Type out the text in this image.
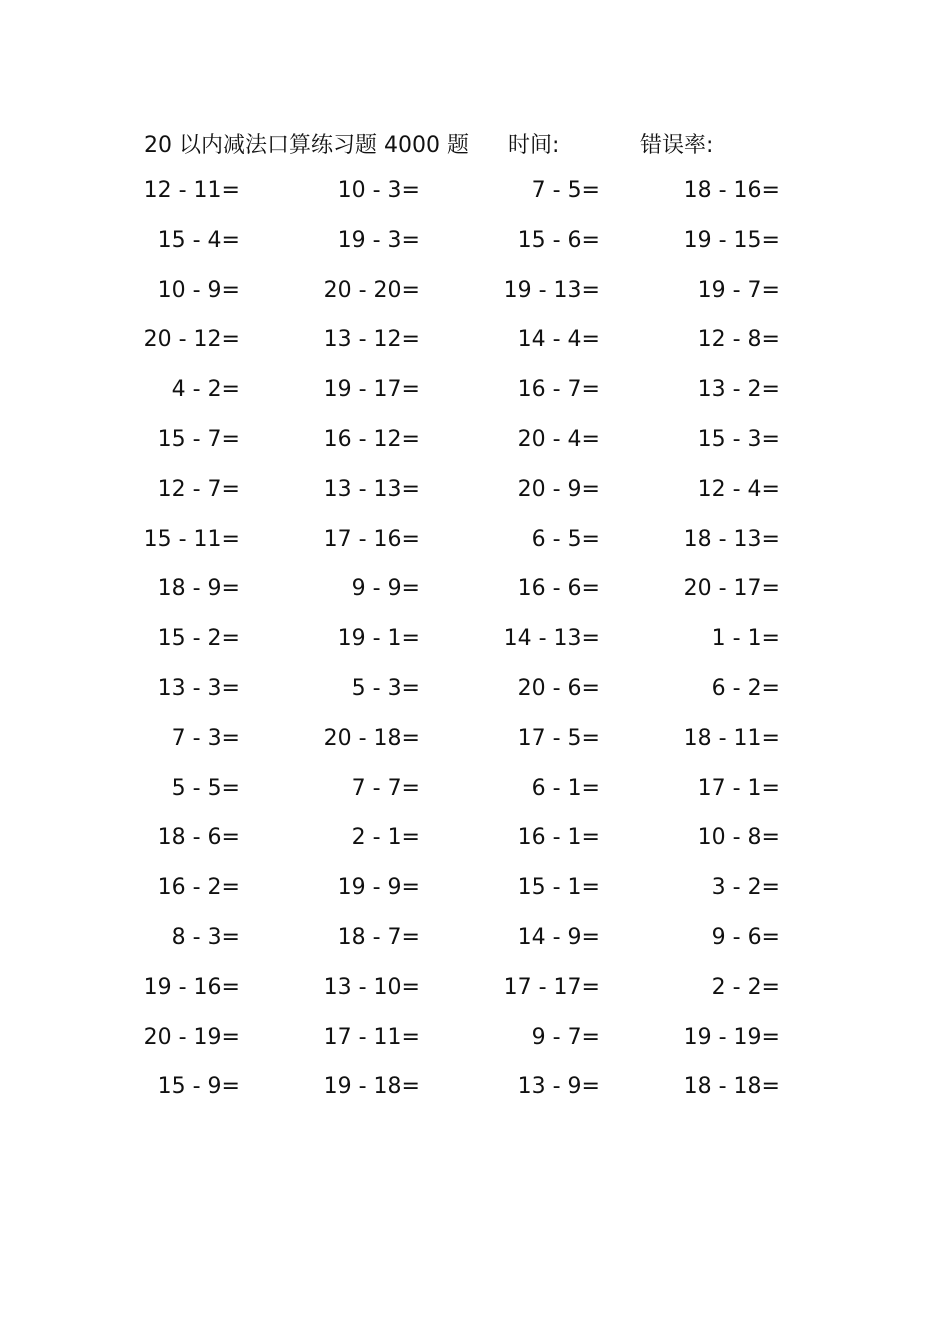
20 以内减法口算练习题 4000 题 时间:	错误率:
12 - 11=	10 - 3=	7 - 5=	18 - 16=
15 - 4=	19 - 3=	15 - 6=	19 - 15=
10 - 9=	20 - 20=	19 - 13=	19 - 7=
20 - 12=	13 - 12=	14 - 4=	12 - 8=
4 - 2=	19 - 17=	16 - 7=	13 - 2=
15 - 7=	16 - 12=	20 - 4=	15 - 3=
12 - 7=	13 - 13=	20 - 9=	12 - 4=
15 - 11=	17 - 16=	6 - 5=	18 - 13=
18 - 9=	9 - 9=	16 - 6=	20 - 17=
15 - 2=	19 - 1=	14 - 13=	1 - 1=
13 - 3=	5 - 3=	20 - 6=	6 - 2=
7 - 3=	20 - 18=	17 - 5=	18 - 11=
5 - 5=	7 - 7=	6 - 1=	17 - 1=
18 - 6=	2 - 1=	16 - 1=	10 - 8=
16 - 2=	19 - 9=	15 - 1=	3 - 2=
8 - 3=	18 - 7=	14 - 9=	9 - 6=
19 - 16=	13 - 10=	17 - 17=	2 - 2=
20 - 19=	17 - 11=	9 - 7=	19 - 19=
15 - 9=	19 - 18=	13 - 9=	18 - 18=
